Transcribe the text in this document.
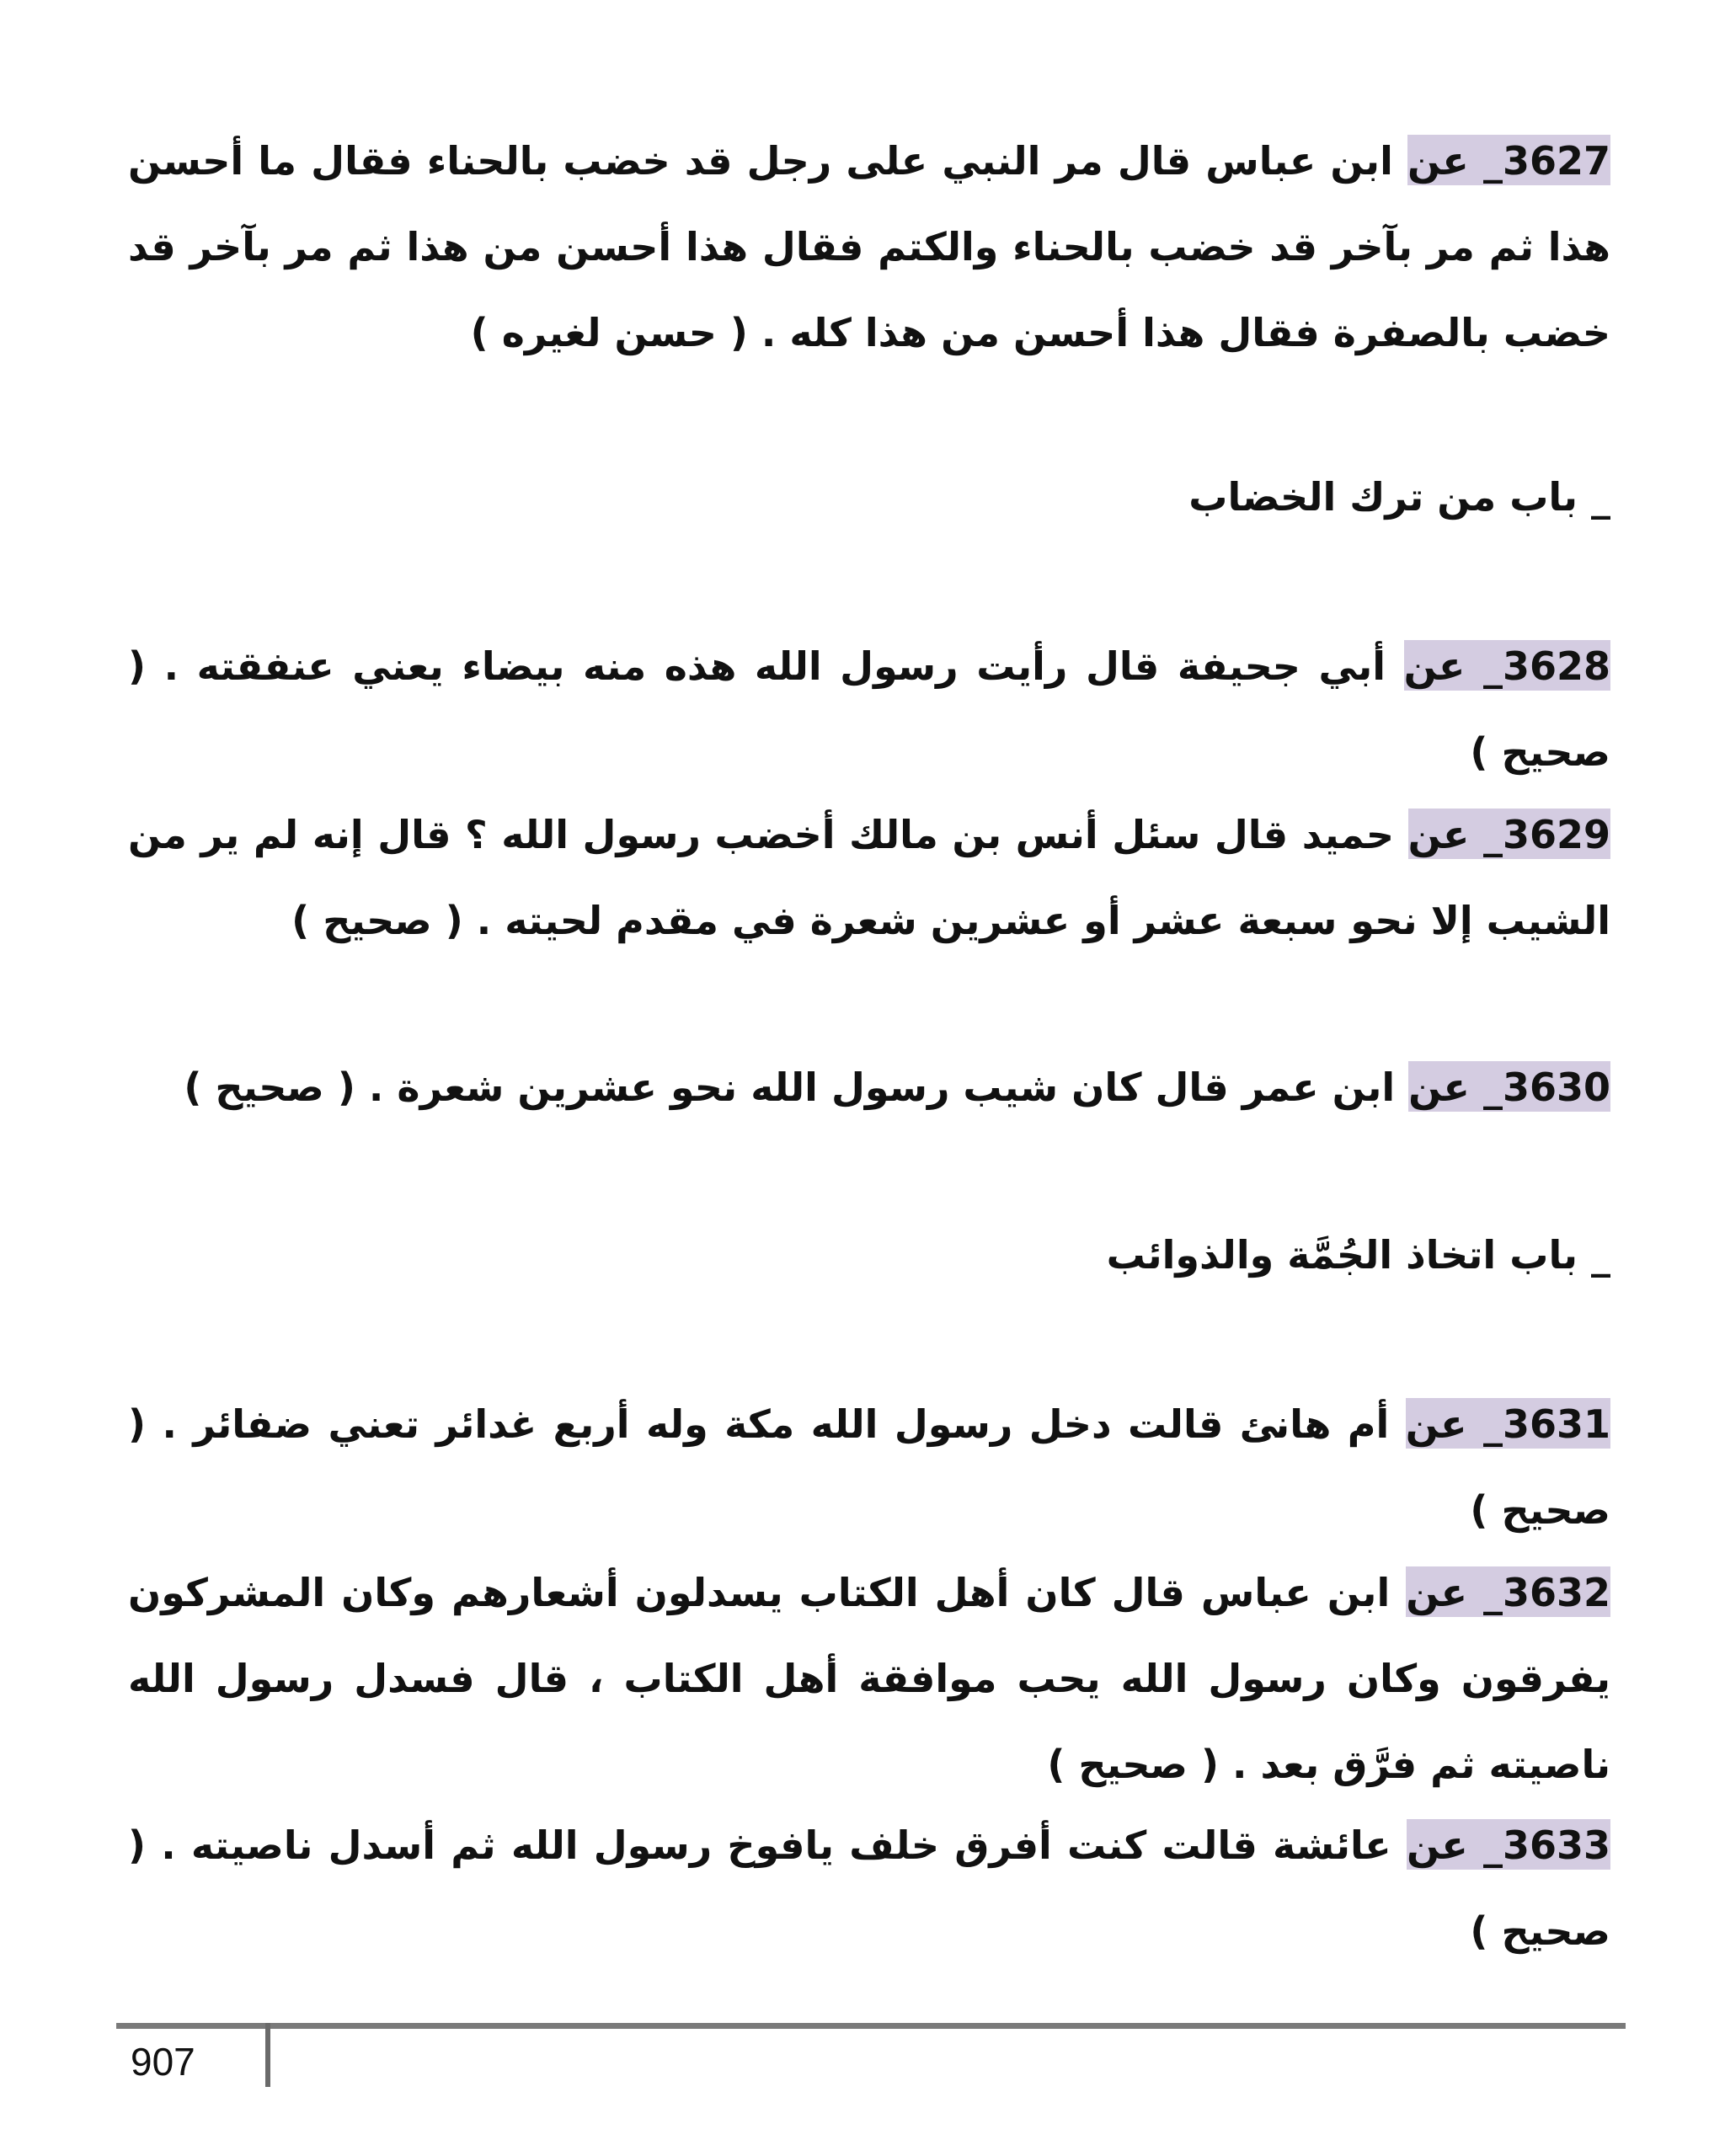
3627_ عن ابن عباس قال مر النبي على رجل قد خضب بالحناء فقال ما أحسن هذا ثم مر بآخر قد خضب بالحناء والكتم فقال هذا أحسن من هذا ثم مر بآخر قد خضب بالصفرة فقال هذا أحسن من هذا كله . ( حسن لغيره )
_ باب من ترك الخضاب
3628_ عن أبي جحيفة قال رأيت رسول الله هذه منه بيضاء يعني عنفقته . ( صحيح )
3629_ عن حميد قال سئل أنس بن مالك أخضب رسول الله ؟ قال إنه لم ير من الشيب إلا نحو سبعة عشر أو عشرين شعرة في مقدم لحيته . ( صحيح )
3630_ عن ابن عمر قال كان شيب رسول الله نحو عشرين شعرة . ( صحيح )
_ باب اتخاذ الجُمَّة والذوائب
3631_ عن أم هانئ قالت دخل رسول الله مكة وله أربع غدائر تعني ضفائر . ( صحيح )
3632_ عن ابن عباس قال كان أهل الكتاب يسدلون أشعارهم وكان المشركون يفرقون وكان رسول الله يحب موافقة أهل الكتاب ، قال فسدل رسول الله ناصيته ثم فرَّق بعد . ( صحيح )
3633_ عن عائشة قالت كنت أفرق خلف يافوخ رسول الله ثم أسدل ناصيته . ( صحيح )
907
